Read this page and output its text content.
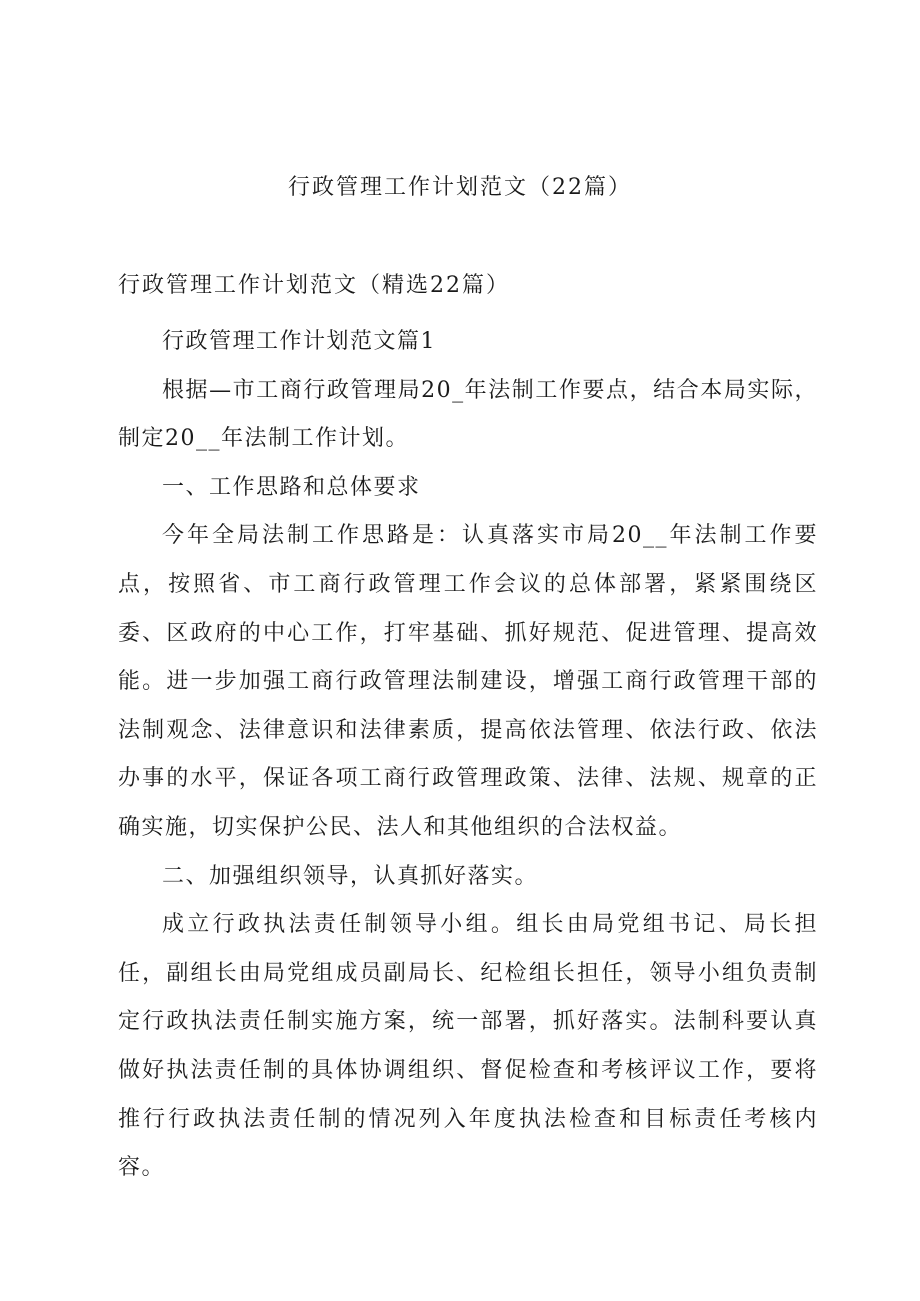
行政管理工作计划范文（22篇）
行政管理工作计划范文（精选22篇）

行政管理工作计划范文篇1

根据—市工商行政管理局20_年法制工作要点，结合本局实际，制定20__年法制工作计划。

一、工作思路和总体要求

今年全局法制工作思路是：认真落实市局20__年法制工作要点，按照省、市工商行政管理工作会议的总体部署，紧紧围绕区委、区政府的中心工作，打牢基础、抓好规范、促进管理、提高效能。进一步加强工商行政管理法制建设，增强工商行政管理干部的法制观念、法律意识和法律素质，提高依法管理、依法行政、依法办事的水平，保证各项工商行政管理政策、法律、法规、规章的正确实施，切实保护公民、法人和其他组织的合法权益。

二、加强组织领导，认真抓好落实。

成立行政执法责任制领导小组。组长由局党组书记、局长担任，副组长由局党组成员副局长、纪检组长担任，领导小组负责制定行政执法责任制实施方案，统一部署，抓好落实。法制科要认真做好执法责任制的具体协调组织、督促检查和考核评议工作，要将推行行政执法责任制的情况列入年度执法检查和目标责任考核内容。
